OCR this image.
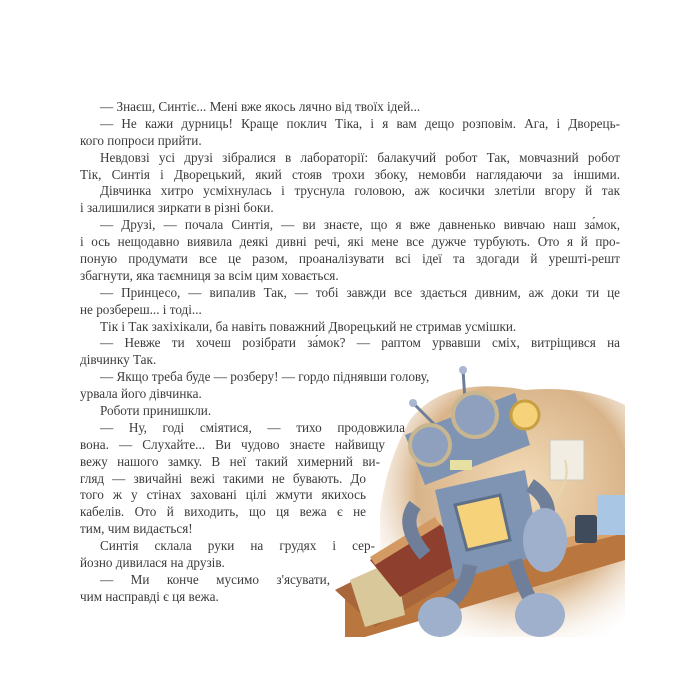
— Знаєш, Синтіє... Мені вже якось лячно від твоїх ідей...
— Не кажи дурниць! Краще поклич Тіка, і я вам дещо розповім. Ага, і Дворець-
кого попроси прийти.
Невдовзі усі друзі зібралися в лабораторії: балакучий робот Так, мовчазний робот
Тік, Синтія і Дворецький, який стояв трохи збоку, немовби наглядаючи за іншими.
Дівчинка хитро усміхнулась і труснула головою, аж косички злетіли вгору й так
і залишилися зиркати в різні боки.
— Друзі, — почала Синтія, — ви знаєте, що я вже давненько вивчаю наш за́мок,
і ось нещодавно виявила деякі дивні речі, які мене все дужче турбують. Ото я й про-
поную продумати все це разом, проаналізувати всі ідеї та здогади й урешті-решт
збагнути, яка таємниця за всім цим ховається.
— Принцесо, — випалив Так, — тобі завжди все здається дивним, аж доки ти це
не розбереш... і тоді...
Тік і Так захіхікали, ба навіть поважний Дворецький не стримав усмішки.
— Невже ти хочеш розібрати за́мок? — раптом урвавши сміх, витріщився на
дівчинку Так.
— Якщо треба буде — розберу! — гордо піднявши голову,
урвала його дівчинка.
Роботи принишкли.
— Ну, годі сміятися, — тихо продовжила
вона. — Слухайте... Ви чудово знаєте найвищу
вежу нашого замку. В неї такий химерний ви-
гляд — звичайні вежі такими не бувають. До
того ж у стінах заховані цілі жмути якихось
кабелів. Ото й виходить, що ця вежа є не
тим, чим видається!
Синтія склала руки на грудях і сер-
йозно дивилася на друзів.
— Ми конче мусимо з'ясувати,
чим насправді є ця вежа.
